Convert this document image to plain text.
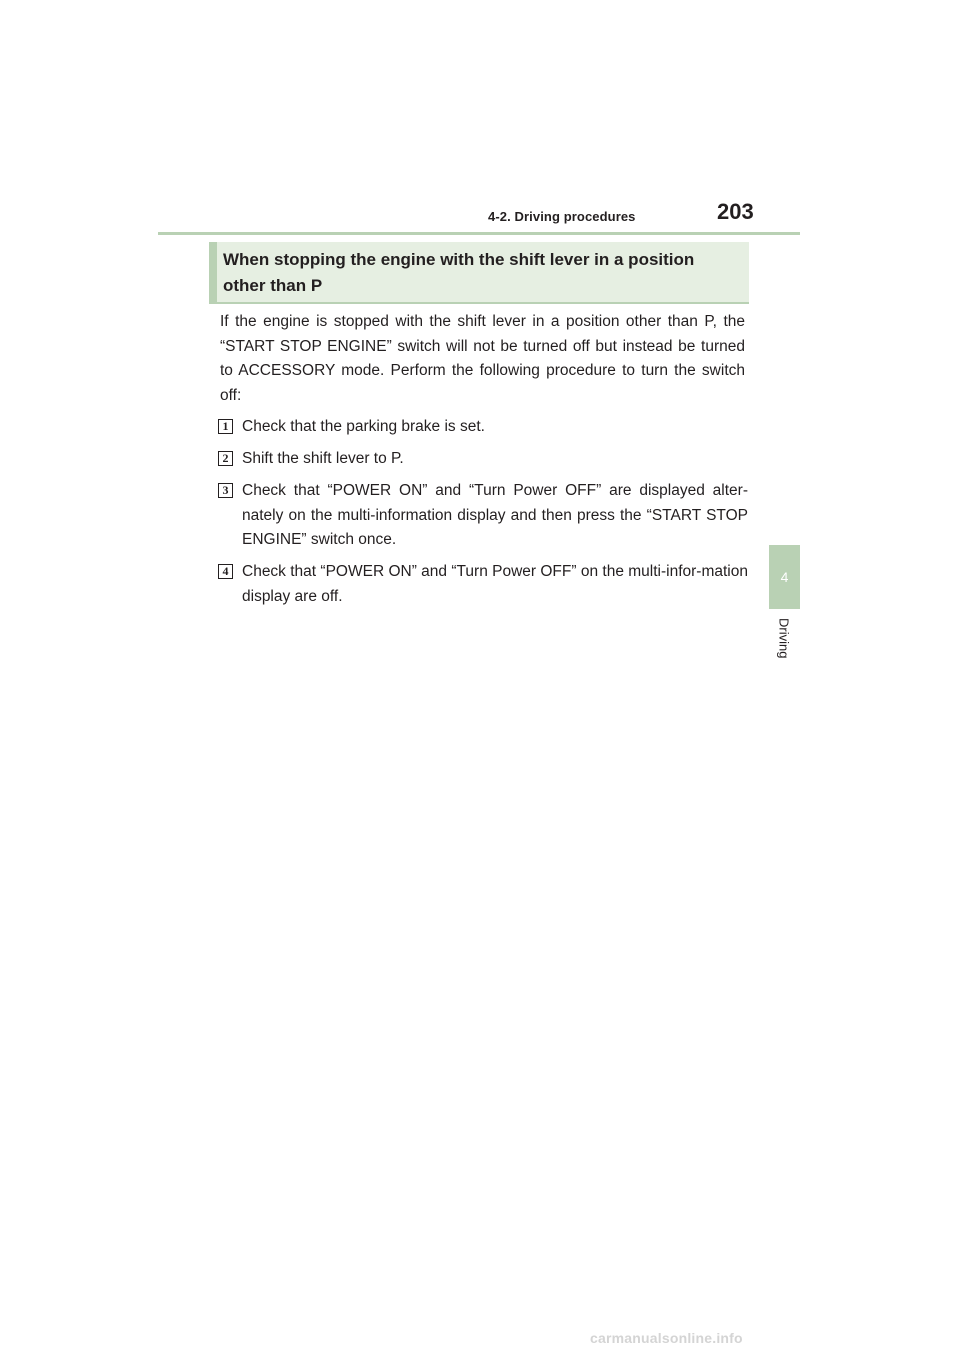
4-2. Driving procedures	203
4
Driving
When stopping the engine with the shift lever in a position other than P
If the engine is stopped with the shift lever in a position other than P, the “START STOP ENGINE” switch will not be turned off but instead be turned to ACCESSORY mode. Perform the following procedure to turn the switch off:
1 Check that the parking brake is set.
2 Shift the shift lever to P.
3 Check that “POWER ON” and “Turn Power OFF” are displayed alter-nately on the multi-information display and then press the “START STOP ENGINE” switch once.
4 Check that “POWER ON” and “Turn Power OFF” on the multi-infor-mation display are off.
carmanualsonline.info
